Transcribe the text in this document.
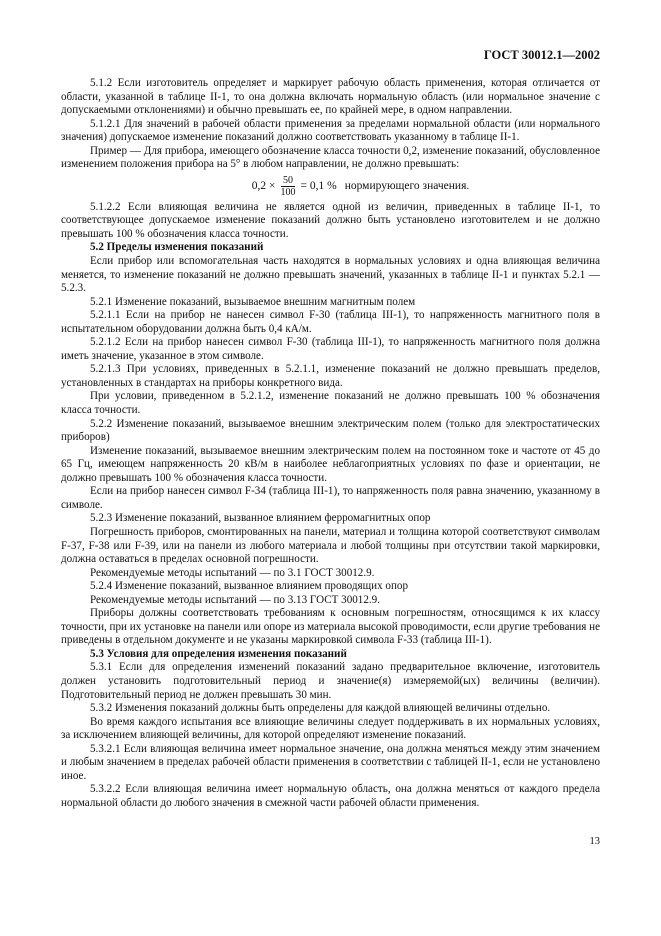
ГОСТ 30012.1—2002

5.1.2 Если изготовитель определяет и маркирует рабочую область применения, которая отличается от области, указанной в таблице II-1, то она должна включать нормальную область (или нормальное значение с допускаемыми отклонениями) и обычно превышать ее, по крайней мере, в одном направлении.

5.1.2.1 Для значений в рабочей области применения за пределами нормальной области (или нормального значения) допускаемое изменение показаний должно соответствовать указанному в таблице II-1.

Пример — Для прибора, имеющего обозначение класса точности 0,2, изменение показаний, обусловленное изменением положения прибора на 5° в любом направлении, не должно превышать:

$0,2 \times \frac{50}{100} = 0,1$ % нормирующего значения.

5.1.2.2 Если влияющая величина не является одной из величин, приведенных в таблице II-1, то соответствующее допускаемое изменение показаний должно быть установлено изготовителем и не должно превышать 100 % обозначения класса точности.

5.2 Пределы изменения показаний

Если прибор или вспомогательная часть находятся в нормальных условиях и одна влияющая величина меняется, то изменение показаний не должно превышать значений, указанных в таблице II-1 и пунктах 5.2.1 — 5.2.3.

5.2.1 Изменение показаний, вызываемое внешним магнитным полем

5.2.1.1 Если на прибор не нанесен символ F-30 (таблица III-1), то напряженность магнитного поля в испытательном оборудовании должна быть 0,4 кА/м.

5.2.1.2 Если на прибор нанесен символ F-30 (таблица III-1), то напряженность магнитного поля должна иметь значение, указанное в этом символе.

5.2.1.3 При условиях, приведенных в 5.2.1.1, изменение показаний не должно превышать пределов, установленных в стандартах на приборы конкретного вида.

При условии, приведенном в 5.2.1.2, изменение показаний не должно превышать 100 % обозначения класса точности.

5.2.2 Изменение показаний, вызываемое внешним электрическим полем (только для электростатических приборов)

Изменение показаний, вызываемое внешним электрическим полем на постоянном токе и частоте от 45 до 65 Гц, имеющем напряженность 20 кВ/м в наиболее неблагоприятных условиях по фазе и ориентации, не должно превышать 100 % обозначения класса точности.

Если на прибор нанесен символ F-34 (таблица III-1), то напряженность поля равна значению, указанному в символе.

5.2.3 Изменение показаний, вызванное влиянием ферромагнитных опор

Погрешность приборов, смонтированных на панели, материал и толщина которой соответствуют символам F-37, F-38 или F-39, или на панели из любого материала и любой толщины при отсутствии такой маркировки, должна оставаться в пределах основной погрешности.

Рекомендуемые методы испытаний — по 3.1 ГОСТ 30012.9.

5.2.4 Изменение показаний, вызванное влиянием проводящих опор

Рекомендуемые методы испытаний — по 3.13 ГОСТ 30012.9.

Приборы должны соответствовать требованиям к основным погрешностям, относящимся к их классу точности, при их установке на панели или опоре из материала высокой проводимости, если другие требования не приведены в отдельном документе и не указаны маркировкой символа F-33 (таблица III-1).

5.3 Условия для определения изменения показаний

5.3.1 Если для определения изменений показаний задано предварительное включение, изготовитель должен установить подготовительный период и значение(я) измеряемой(ых) величины (величин). Подготовительный период не должен превышать 30 мин.

5.3.2 Изменения показаний должны быть определены для каждой влияющей величины отдельно.

Во время каждого испытания все влияющие величины следует поддерживать в их нормальных условиях, за исключением влияющей величины, для которой определяют изменение показаний.

5.3.2.1 Если влияющая величина имеет нормальное значение, она должна меняться между этим значением и любым значением в пределах рабочей области применения в соответствии с таблицей II-1, если не установлено иное.

5.3.2.2 Если влияющая величина имеет нормальную область, она должна меняться от каждого предела нормальной области до любого значения в смежной части рабочей области применения.

13
